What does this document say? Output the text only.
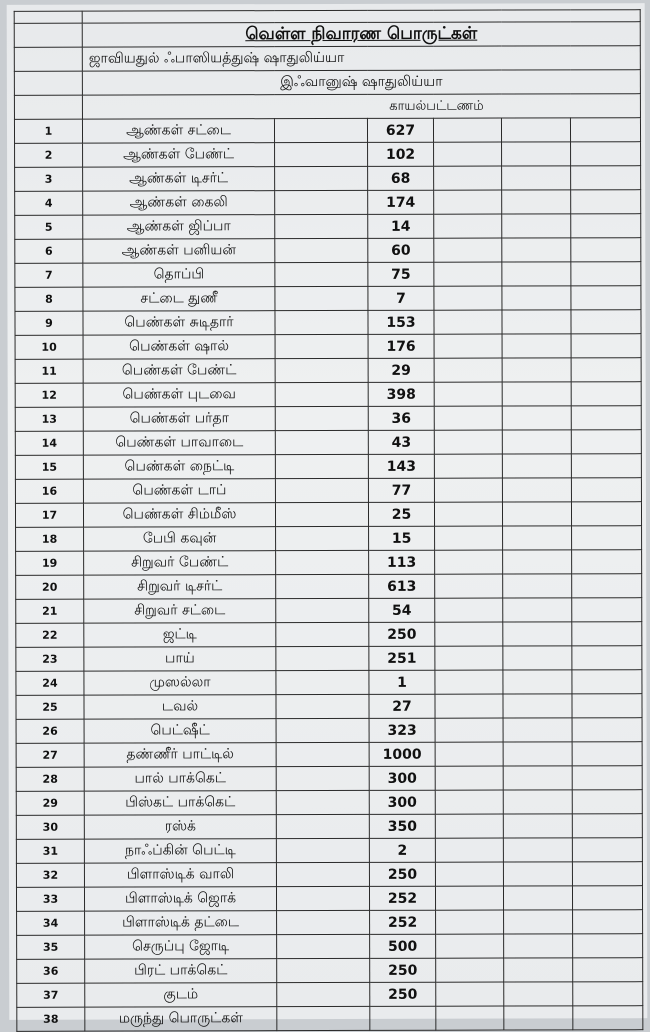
	வெள்ள நிவாரண பொருட்கள்					
	ஜாவியதுல் ஃபாஸியத்துஷ் ஷாதுலிய்யா					
	இஃவானுஷ் ஷாதுலிய்யா					
	காயல்பட்டணம்					
1	ஆண்கள் சட்டை		627			
2	ஆண்கள் பேண்ட்		102			
3	ஆண்கள் டிசர்ட்		68			
4	ஆண்கள் கைலி		174			
5	ஆண்கள் ஜிப்பா		14			
6	ஆண்கள் பனியன்		60			
7	தொப்பி		75			
8	சட்டை துணீ		7			
9	பெண்கள் சுடிதார்		153			
10	பெண்கள் ஷால்		176			
11	பெண்கள் பேண்ட்		29			
12	பெண்கள் புடவை		398			
13	பெண்கள் பர்தா		36			
14	பெண்கள் பாவாடை		43			
15	பெண்கள் நைட்டி		143			
16	பெண்கள் டாப்		77			
17	பெண்கள் சிம்மீஸ்		25			
18	பேபி கவுன்		15			
19	சிறுவர் பேண்ட்		113			
20	சிறுவர் டிசர்ட்		613			
21	சிறுவர் சட்டை		54			
22	ஜட்டி		250			
23	பாய்		251			
24	முஸல்லா		1			
25	டவல்		27			
26	பெட்ஷீட்		323			
27	தண்ணீர் பாட்டில்		1000			
28	பால் பாக்கெட்		300			
29	பிஸ்கட் பாக்கெட்		300			
30	ரஸ்க்		350			
31	நாஃப்கின் பெட்டி		2			
32	பிளாஸ்டிக் வாலி		250			
33	பிளாஸ்டிக் ஜொக்		252			
34	பிளாஸ்டிக் தட்டை		252			
35	செருப்பு ஜோடி		500			
36	பிரட் பாக்கெட்		250			
37	குடம்		250			
38	மருந்து பொருட்கள்					
